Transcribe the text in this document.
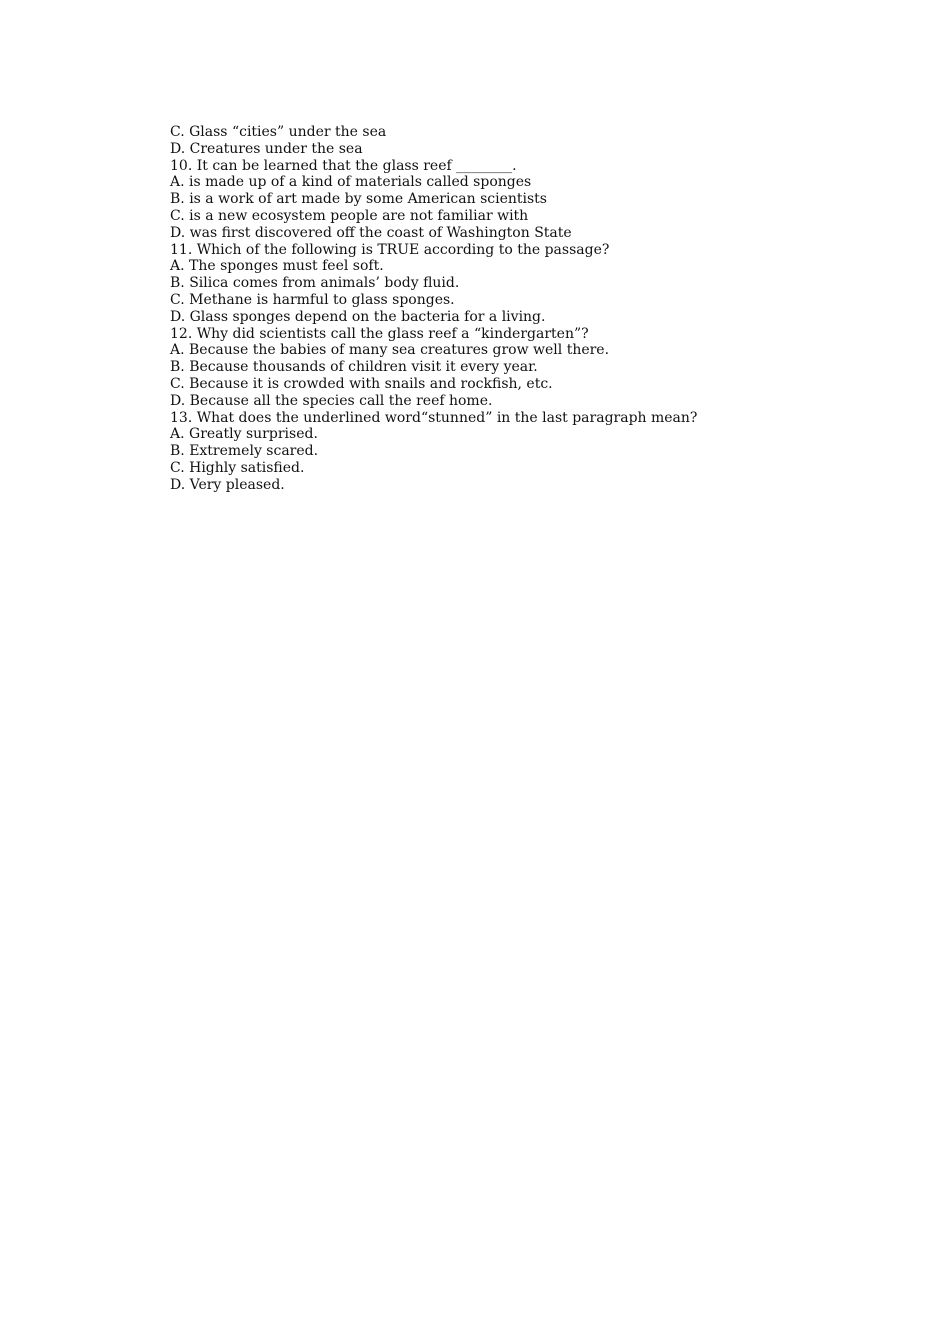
C. Glass “cities” under the sea
D. Creatures under the sea
10. It can be learned that the glass reef ________.
A. is made up of a kind of materials called sponges
B. is a work of art made by some American scientists
C. is a new ecosystem people are not familiar with
D. was first discovered off the coast of Washington State
11. Which of the following is TRUE according to the passage?
A. The sponges must feel soft.
B. Silica comes from animals’ body fluid.
C. Methane is harmful to glass sponges.
D. Glass sponges depend on the bacteria for a living.
12. Why did scientists call the glass reef a “kindergarten”?
A. Because the babies of many sea creatures grow well there.
B. Because thousands of children visit it every year.
C. Because it is crowded with snails and rockfish, etc.
D. Because all the species call the reef home.
13. What does the underlined word“stunned” in the last paragraph mean?
A. Greatly surprised.
B. Extremely scared.
C. Highly satisfied.
D. Very pleased.
